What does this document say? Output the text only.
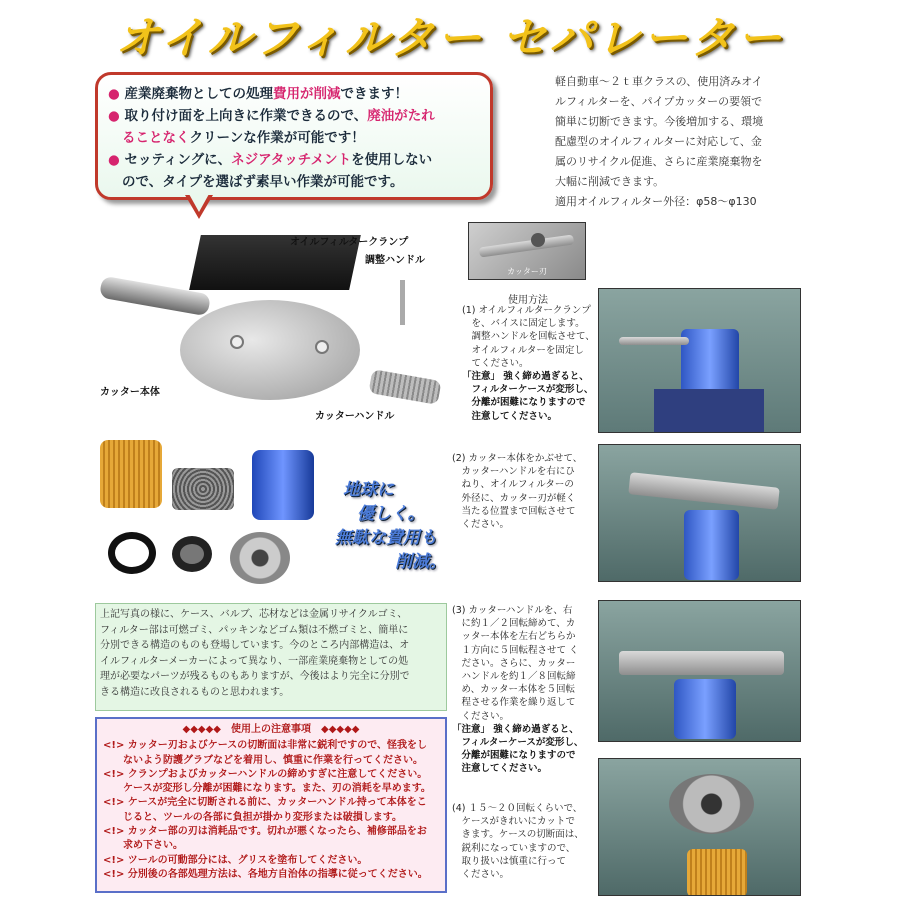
オイルフィルター セパレーター
● 産業廃棄物としての処理費用が削減できます！
● 取り付け面を上向きに作業できるので、廃油がたれ
ることなくクリーンな作業が可能です！
● セッティングに、ネジアタッチメントを使用しない
ので、タイプを選ばず素早い作業が可能です。

軽自動車～２ｔ車クラスの、使用済みオイ

ルフィルターを、パイプカッターの要領で

簡単に切断できます。今後増加する、環境

配慮型のオイルフィルターに対応して、金

属のリサイクル促進、さらに産業廃棄物を

大幅に削減できます。

適用オイルフィルター外径：φ58～φ130

オイルフィルタークランプ
調整ハンドル
カッター本体
カッターハンドル
地球に
優しく。
無駄な費用も
削減。
上記写真の様に、ケース、バルブ、芯材などは金属リサイクルゴミ、
フィルター部は可燃ゴミ、パッキンなどゴム類は不燃ゴミと、簡単に
分別できる構造のものも登場しています。今のところ内部構造は、オ
イルフィルターメーカーによって異なり、一部産業廃棄物としての処
理が必要なパーツが残るものもありますが、今後はより完全に分別で
きる構造に改良されるものと思われます。
◆◆◆◆◆　使用上の注意事項　◆◆◆◆◆
<!> カッター刃およびケースの切断面は非常に鋭利ですので、怪我をし
　　ないよう防護グラブなどを着用し、慎重に作業を行ってください。
<!> クランプおよびカッターハンドルの締めすぎに注意してください。
　　ケースが変形し分離が困難になります。また、刃の消耗を早めます。
<!> ケースが完全に切断される前に、カッターハンドル持って本体をこ
　　じると、ツールの各部に負担が掛かり変形または破損します。
<!> カッター部の刃は消耗品です。切れが悪くなったら、補修部品をお
　　求め下さい。
<!> ツールの可動部分には、グリスを塗布してください。
<!> 分別後の各部処理方法は、各地方自治体の指導に従ってください。
カッター刃
使用方法
(1) オイルフィルタークランプ
　を、バイスに固定します。
　調整ハンドルを回転させて、
　オイルフィルターを固定し
　てください。
「注意」 強く締め過ぎると、
　フィルターケースが変形し、
　分離が困難になりますので
　注意してください。
(2) カッター本体をかぶせて、
　カッターハンドルを右にひ
　ねり、オイルフィルターの
　外径に、カッター刃が軽く
　当たる位置まで回転させて
　ください。
(3) カッターハンドルを、右
　に約１／２回転締めて、カ
　ッター本体を左右どちらか
　１方向に５回転程させて く
　ださい。さらに、カッター
　ハンドルを約１／８回転締
　め、カッター本体を５回転
　程させる作業を繰り返して
　ください。
「注意」 強く締め過ぎると、
　フィルターケースが変形し、
　分離が困難になりますので
　注意してください。
(4) １５～２０回転くらいで、
　ケースがきれいにカットで
　きます。ケースの切断面は、
　鋭利になっていますので、
　取り扱いは慎重に行って
　ください。
